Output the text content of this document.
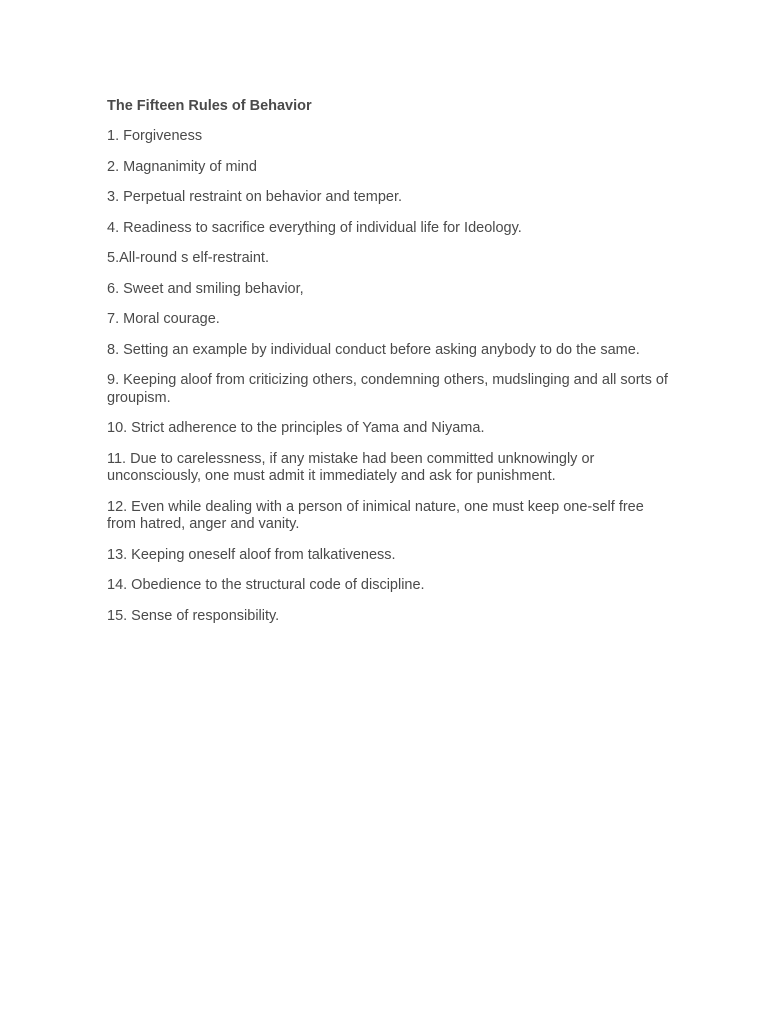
The Fifteen Rules of Behavior
1. Forgiveness
2. Magnanimity of mind
3. Perpetual restraint on behavior and temper.
4. Readiness to sacrifice everything of individual life for Ideology.
5.All-round s elf-restraint.
6. Sweet and smiling behavior,
7. Moral courage.
8. Setting an example by individual conduct before asking anybody to do the same.
9. Keeping aloof from criticizing others, condemning others, mudslinging and all sorts of groupism.
10. Strict adherence to the principles of Yama and Niyama.
11. Due to carelessness, if any mistake had been committed unknowingly or unconsciously, one must admit it immediately and ask for punishment.
12. Even while dealing with a person of inimical nature, one must keep one-self free from hatred, anger and vanity.
13. Keeping oneself aloof from talkativeness.
14. Obedience to the structural code of discipline.
15. Sense of responsibility.
